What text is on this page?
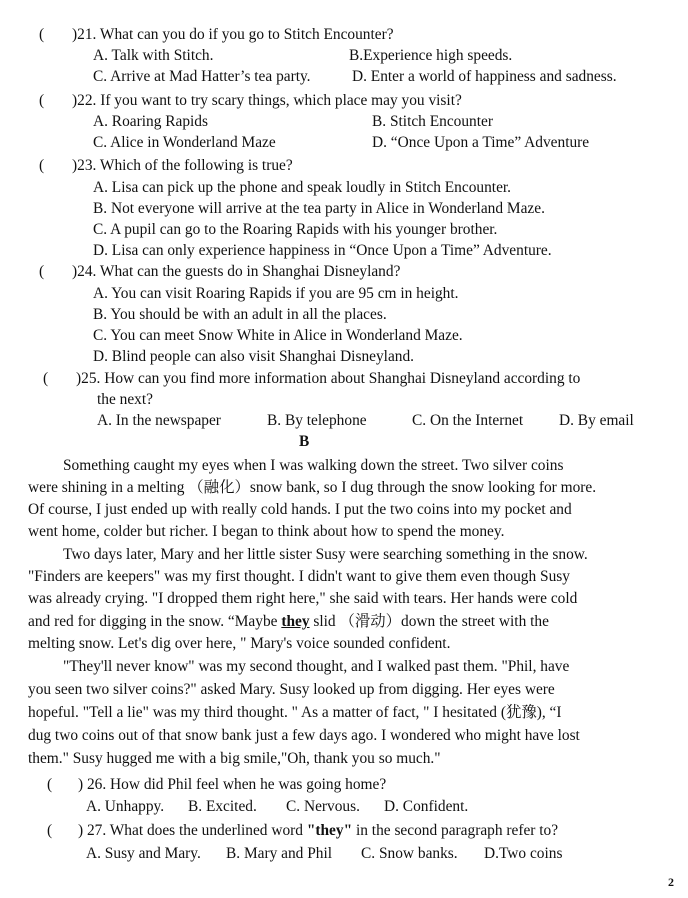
( )21. What can you do if you go to Stitch Encounter?
A. Talk with Stitch.	B.Experience high speeds.
C. Arrive at Mad Hatter’s tea party.	D. Enter a world of happiness and sadness.
( )22. If you want to try scary things, which place may you visit?
A. Roaring Rapids	B. Stitch Encounter
C. Alice in Wonderland Maze	D. “Once Upon a Time” Adventure
( )23. Which of the following is true?
A. Lisa can pick up the phone and speak loudly in Stitch Encounter.
B. Not everyone will arrive at the tea party in Alice in Wonderland Maze.
C. A pupil can go to the Roaring Rapids with his younger brother.
D. Lisa can only experience happiness in “Once Upon a Time” Adventure.
( )24. What can the guests do in Shanghai Disneyland?
A. You can visit Roaring Rapids if you are 95 cm in height.
B. You should be with an adult in all the places.
C. You can meet Snow White in Alice in Wonderland Maze.
D. Blind people can also visit Shanghai Disneyland.
( )25. How can you find more information about Shanghai Disneyland according to
the next?
A. In the newspaper	B. By telephone	C. On the Internet D. By email
B
Something caught my eyes when I was walking down the street. Two silver coins
were shining in a melting （融化）snow bank, so I dug through the snow looking for more.
Of course, I just ended up with really cold hands. I put the two coins into my pocket and
went home, colder but richer. I began to think about how to spend the money.
Two days later, Mary and her little sister Susy were searching something in the snow.
"Finders are keepers" was my first thought. I didn't want to give them even though Susy
was already crying. "I dropped them right here," she said with tears. Her hands were cold
and red for digging in the snow. “Maybe they slid （滑动）down the street with the
melting snow. Let's dig over here, " Mary's voice sounded confident.
"They'll never know" was my second thought, and I walked past them. "Phil, have
you seen two silver coins?" asked Mary. Susy looked up from digging. Her eyes were
hopeful. "Tell a lie" was my third thought. " As a matter of fact, " I hesitated (犹豫), “I
dug two coins out of that snow bank just a few days ago. I wondered who might have lost
them." Susy hugged me with a big smile,"Oh, thank you so much."
( ) 26. How did Phil feel when he was going home?
A. Unhappy. B. Excited. C. Nervous. D. Confident.
( ) 27. What does the underlined word "they" in the second paragraph refer to?
A. Susy and Mary. B. Mary and Phil C. Snow banks. D.Two coins
2
